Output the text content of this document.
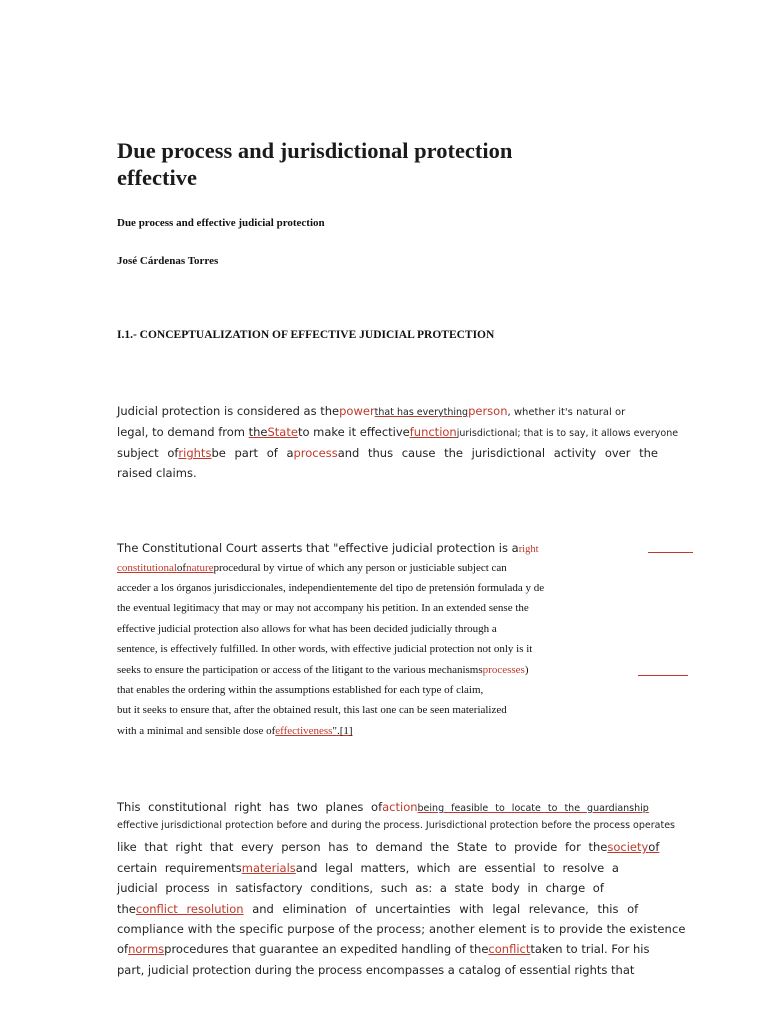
Due process and jurisdictional protection effective
Due process and effective judicial protection
José Cárdenas Torres
I.1.- CONCEPTUALIZATION OF EFFECTIVE JUDICIAL PROTECTION
Judicial protection is considered as thepowerthat has everythingperson, whether it's natural or
legal, to demand from theStateto make it effectivefunctionjurisdictional; that is to say, it allows everyone
subject ofrightsbe part of aprocessand thus cause the jurisdictional activity over the
raised claims.
The Constitutional Court asserts that "effective judicial protection is aright
constitutionalofnatureprocedural by virtue of which any person or justiciable subject can
acceder a los órganos jurisdiccionales, independientemente del tipo de pretensión formulada y de
the eventual legitimacy that may or may not accompany his petition. In an extended sense the
effective judicial protection also allows for what has been decided judicially through a
sentence, is effectively fulfilled. In other words, with effective judicial protection not only is it
seeks to ensure the participation or access of the litigant to the various mechanismsprocesses)
that enables the ordering within the assumptions established for each type of claim,
but it seeks to ensure that, after the obtained result, this last one can be seen materialized
with a minimal and sensible dose ofeffectiveness".[1]
This constitutional right has two planes ofactionbeing feasible to locate to the guardianship
effective jurisdictional protection before and during the process. Jurisdictional protection before the process operates
like that right that every person has to demand the State to provide for thesocietyof
certain requirementsmaterialsand legal matters, which are essential to resolve a
judicial process in satisfactory conditions, such as: a state body in charge of
theconflict resolution and elimination of uncertainties with legal relevance, this of
compliance with the specific purpose of the process; another element is to provide the existence
ofnormsprocedures that guarantee an expedited handling of theconflicttaken to trial. For his
part, judicial protection during the process encompasses a catalog of essential rights that
